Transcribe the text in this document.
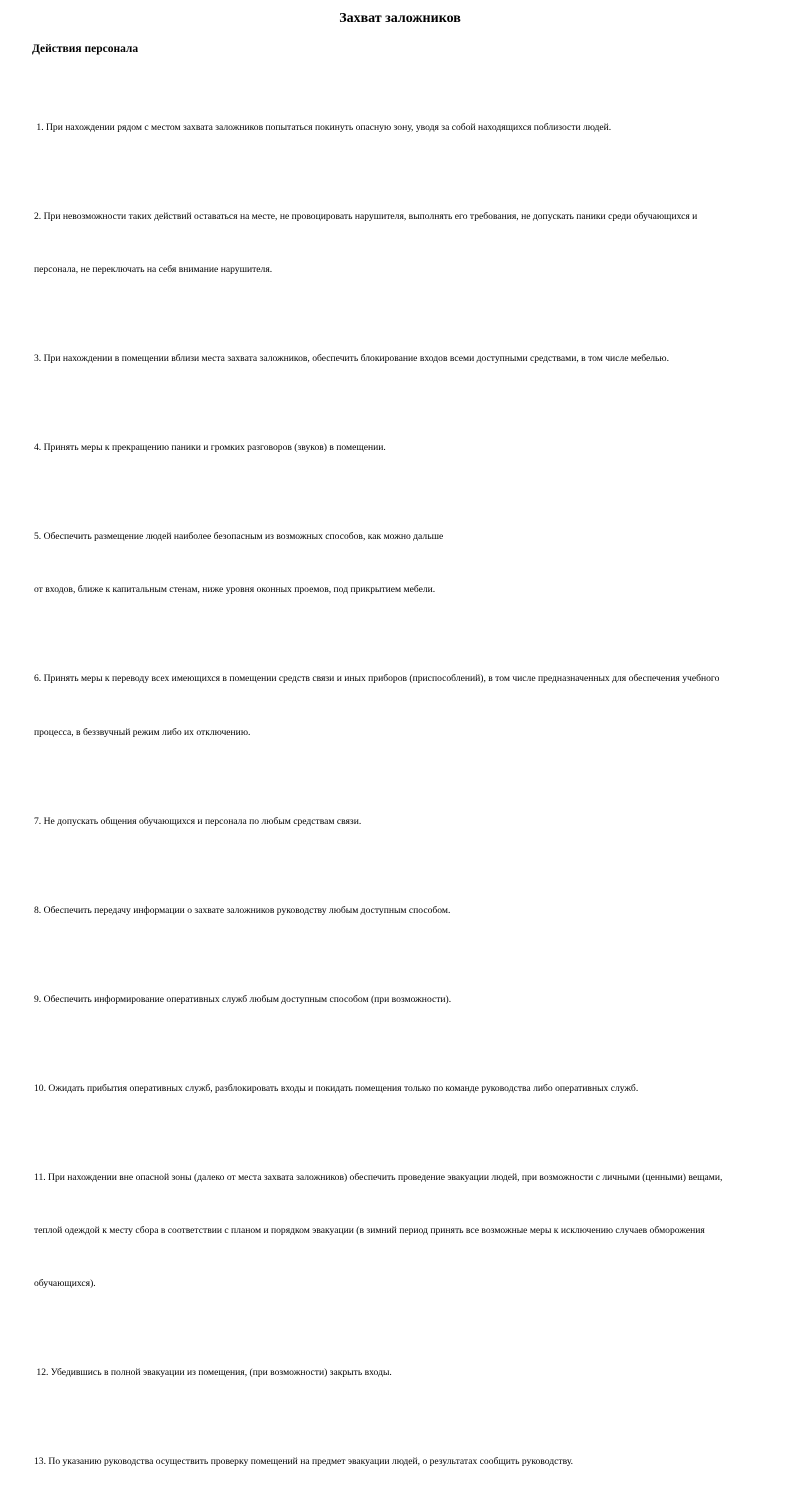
Захват заложников
Действия персонала

1. При нахождении рядом с местом захвата заложников попытаться покинуть опасную зону, уводя за собой находящихся поблизости людей.

2. При невозможности таких действий оставаться на месте, не провоцировать нарушителя, выполнять его требования, не допускать паники среди обучающихся и

персонала, не переключать на себя внимание нарушителя.

3. При нахождении в помещении вблизи места захвата заложников, обеспечить блокирование входов всеми доступными средствами, в том числе мебелью.

4. Принять меры к прекращению паники и громких разговоров (звуков) в помещении.

5. Обеспечить размещение людей наиболее безопасным из возможных способов, как можно дальше

от входов, ближе к капитальным стенам, ниже уровня оконных проемов, под прикрытием мебели.

6. Принять меры к переводу всех имеющихся в помещении средств связи и иных приборов (приспособлений), в том числе предназначенных для обеспечения учебного

процесса, в беззвучный режим либо их отключению.

7. Не допускать общения обучающихся и персонала по любым средствам связи.

8. Обеспечить передачу информации о захвате заложников руководству любым доступным способом.

9. Обеспечить информирование оперативных служб любым доступным способом (при возможности).

10. Ожидать прибытия оперативных служб, разблокировать входы и покидать помещения только по команде руководства либо оперативных служб.

11. При нахождении вне опасной зоны (далеко от места захвата заложников) обеспечить проведение эвакуации людей, при возможности с личными (ценными) вещами,

теплой одеждой к месту сбора в соответствии с планом и порядком эвакуации (в зимний период принять все возможные меры к исключению случаев обморожения

обучающихся).

12. Убедившись в полной эвакуации из помещения, (при возможности) закрыть входы.

13. По указанию руководства осуществить проверку помещений на предмет эвакуации людей, о результатах сообщить руководству.
